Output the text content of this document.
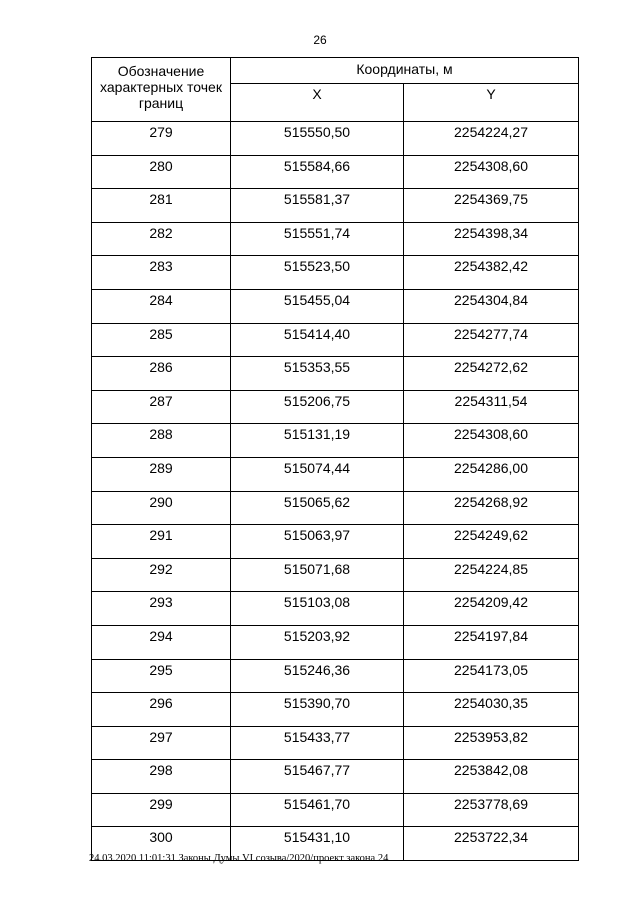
26
Обозначение характерных точек границ	Координаты, м	
	X	Y
279	515550,50	2254224,27
280	515584,66	2254308,60
281	515581,37	2254369,75
282	515551,74	2254398,34
283	515523,50	2254382,42
284	515455,04	2254304,84
285	515414,40	2254277,74
286	515353,55	2254272,62
287	515206,75	2254311,54
288	515131,19	2254308,60
289	515074,44	2254286,00
290	515065,62	2254268,92
291	515063,97	2254249,62
292	515071,68	2254224,85
293	515103,08	2254209,42
294	515203,92	2254197,84
295	515246,36	2254173,05
296	515390,70	2254030,35
297	515433,77	2253953,82
298	515467,77	2253842,08
299	515461,70	2253778,69
300	515431,10	2253722,34
24.03.2020 11:01:31 Законы Думы VI созыва/2020/проект закона 24
